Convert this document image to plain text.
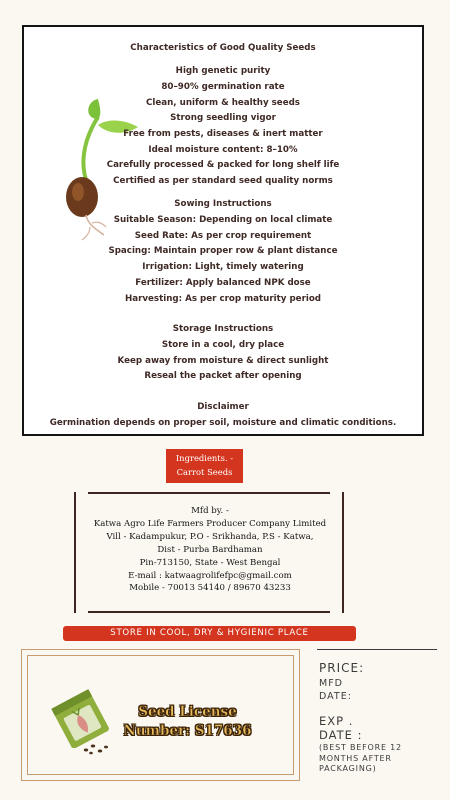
Characteristics of Good Quality Seeds
High genetic purity
80–90% germination rate
Clean, uniform & healthy seeds
Strong seedling vigor
Free from pests, diseases & inert matter
Ideal moisture content: 8–10%
Carefully processed & packed for long shelf life
Certified as per standard seed quality norms
Sowing Instructions
Suitable Season: Depending on local climate
Seed Rate: As per crop requirement
Spacing: Maintain proper row & plant distance
Irrigation: Light, timely watering
Fertilizer: Apply balanced NPK dose
Harvesting: As per crop maturity period
Storage Instructions
Store in a cool, dry place
Keep away from moisture & direct sunlight
Reseal the packet after opening
Disclaimer
Germination depends on proper soil, moisture and climatic conditions.
Ingredients. -
Carrot Seeds
Mfd by. -
Katwa Agro Life Farmers Producer Company Limited
Vill - Kadampukur, P.O - Srikhanda, P.S - Katwa,
Dist - Purba Bardhaman
Pin-713150, State - West Bengal
E-mail : katwaagrolifefpc@gmail.com
Mobile - 70013 54140 / 89670 43233
STORE IN COOL, DRY & HYGIENIC PLACE
Seed License
Number: S17636
PRICE:
MFD
DATE:
EXP .
DATE :
(BEST BEFORE 12
MONTHS AFTER
PACKAGING)
